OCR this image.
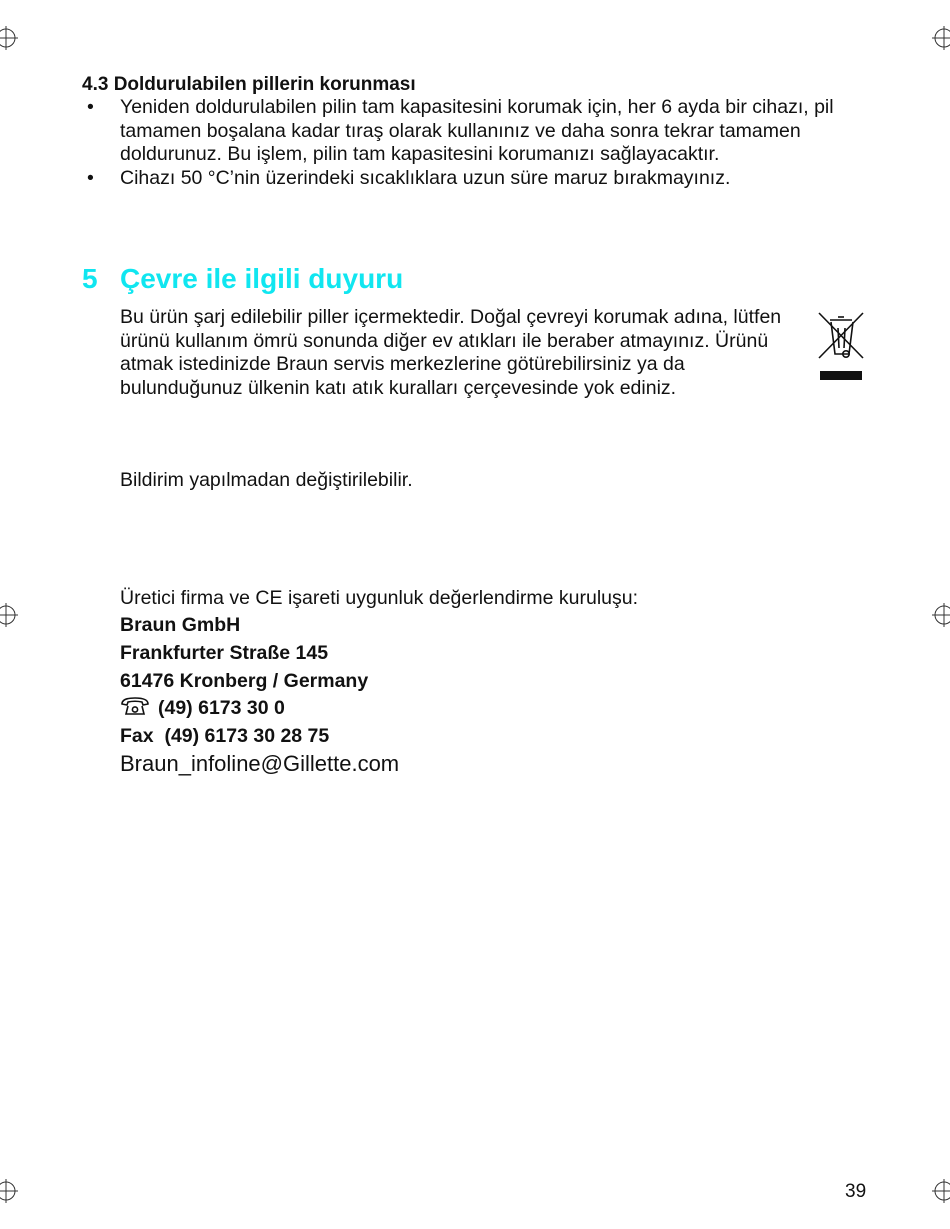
4.3 Doldurulabilen pillerin korunması
• Yeniden doldurulabilen pilin tam kapasitesini korumak için, her 6 ayda bir cihazı, pil tamamen boşalana kadar tıraş olarak kullanınız ve daha sonra tekrar tamamen doldurunuz. Bu işlem, pilin tam kapasitesini korumanızı sağlayacaktır.
• Cihazı 50 °C’nin üzerindeki sıcaklıklara uzun süre maruz bırakmayınız.
5 Çevre ile ilgili duyuru
Bu ürün şarj edilebilir piller içermektedir. Doğal çevreyi korumak adına, lütfen ürünü kullanım ömrü sonunda diğer ev atıkları ile beraber atmayınız. Ürünü atmak istedinizde Braun servis merkezlerine götürebilirsiniz ya da bulunduğunuz ülkenin katı atık kuralları çerçevesinde yok ediniz.
Bildirim yapılmadan değiştirilebilir.
Üretici firma ve CE işareti uygunluk değerlendirme kuruluşu:
Braun GmbH
Frankfurter Straße 145
61476 Kronberg / Germany
(49) 6173 30 0
Fax (49) 6173 30 28 75
Braun_infoline@Gillette.com
39
